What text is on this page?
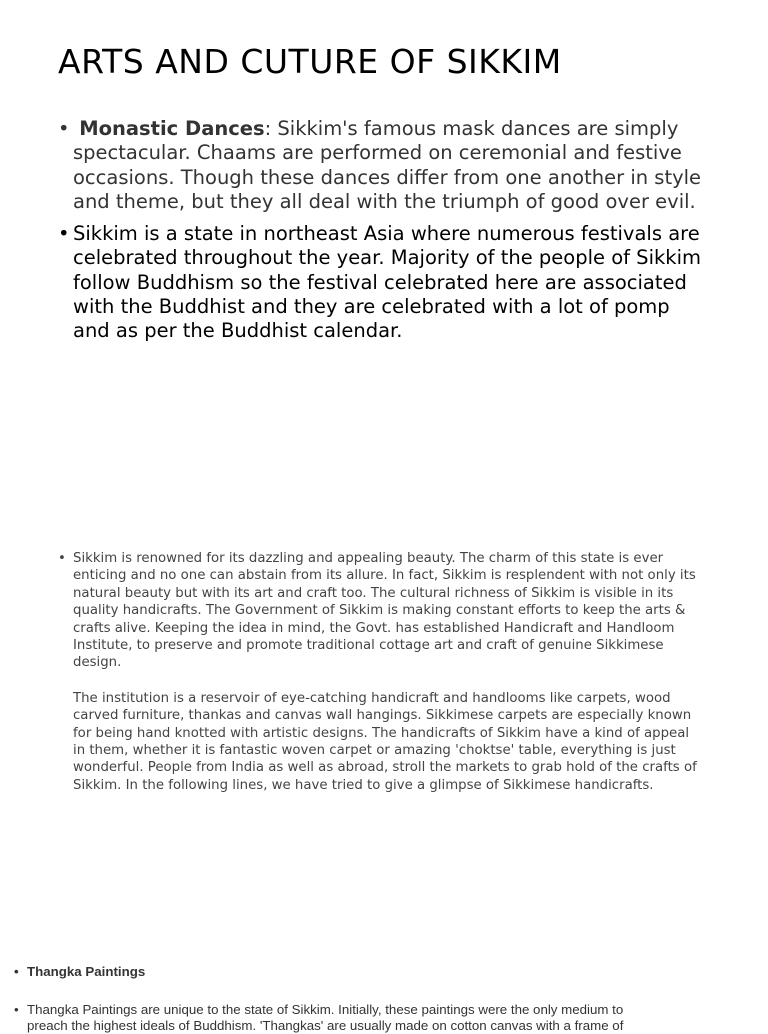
ARTS AND CUTURE OF SIKKIM
• Monastic Dances: Sikkim's famous mask dances are simply spectacular. Chaams are performed on ceremonial and festive occasions. Though these dances differ from one another in style and theme, but they all deal with the triumph of good over evil.
• Sikkim is a state in northeast Asia where numerous festivals are celebrated throughout the year. Majority of the people of Sikkim follow Buddhism so the festival celebrated here are associated with the Buddhist and they are celebrated with a lot of pomp and as per the Buddhist calendar.
• Sikkim is renowned for its dazzling and appealing beauty. The charm of this state is ever enticing and no one can abstain from its allure. In fact, Sikkim is resplendent with not only its natural beauty but with its art and craft too. The cultural richness of Sikkim is visible in its quality handicrafts. The Government of Sikkim is making constant efforts to keep the arts & crafts alive. Keeping the idea in mind, the Govt. has established Handicraft and Handloom Institute, to preserve and promote traditional cottage art and craft of genuine Sikkimese design.

The institution is a reservoir of eye-catching handicraft and handlooms like carpets, wood carved furniture, thankas and canvas wall hangings. Sikkimese carpets are especially known for being hand knotted with artistic designs. The handicrafts of Sikkim have a kind of appeal in them, whether it is fantastic woven carpet or amazing 'choktse' table, everything is just wonderful. People from India as well as abroad, stroll the markets to grab hold of the crafts of Sikkim. In the following lines, we have tried to give a glimpse of Sikkimese handicrafts.

• Thangka Paintings
• Thangka Paintings are unique to the state of Sikkim. Initially, these paintings were the only medium to preach the highest ideals of Buddhism. 'Thangkas' are usually made on cotton canvas with a frame of
